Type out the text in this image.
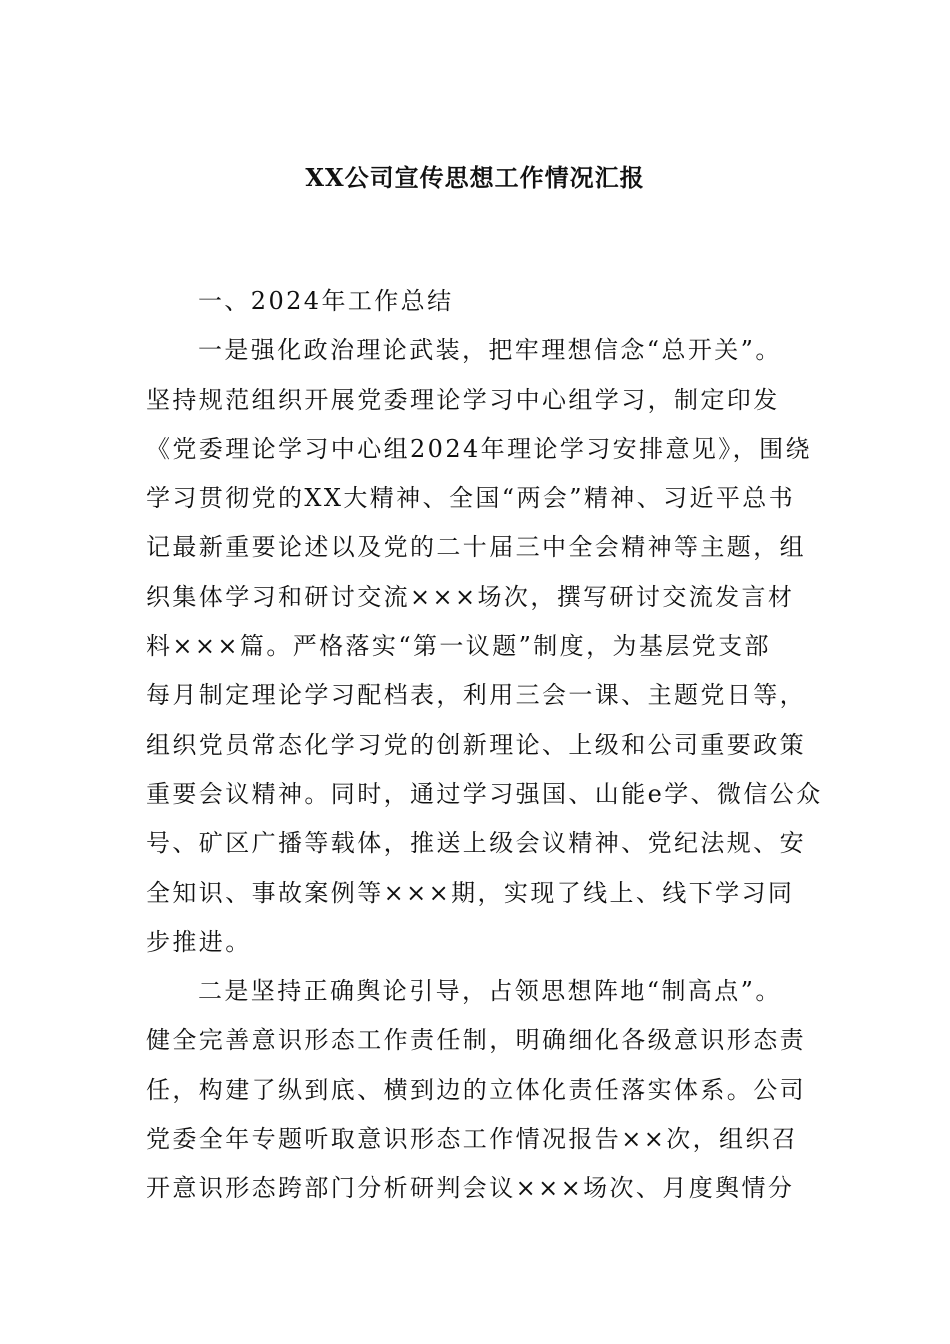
XX公司宣传思想工作情况汇报
一、2024年工作总结
一是强化政治理论武装，把牢理想信念“总开关”。
坚持规范组织开展党委理论学习中心组学习，制定印发
《党委理论学习中心组2024年理论学习安排意见》，围绕
学习贯彻党的XX大精神、全国“两会”精神、习近平总书
记最新重要论述以及党的二十届三中全会精神等主题，组
织集体学习和研讨交流×××场次，撰写研讨交流发言材
料×××篇。严格落实“第一议题”制度，为基层党支部
每月制定理论学习配档表，利用三会一课、主题党日等，
组织党员常态化学习党的创新理论、上级和公司重要政策
重要会议精神。同时，通过学习强国、山能e学、微信公众
号、矿区广播等载体，推送上级会议精神、党纪法规、安
全知识、事故案例等×××期，实现了线上、线下学习同
步推进。
二是坚持正确舆论引导，占领思想阵地“制高点”。
健全完善意识形态工作责任制，明确细化各级意识形态责
任，构建了纵到底、横到边的立体化责任落实体系。公司
党委全年专题听取意识形态工作情况报告××次，组织召
开意识形态跨部门分析研判会议×××场次、月度舆情分
